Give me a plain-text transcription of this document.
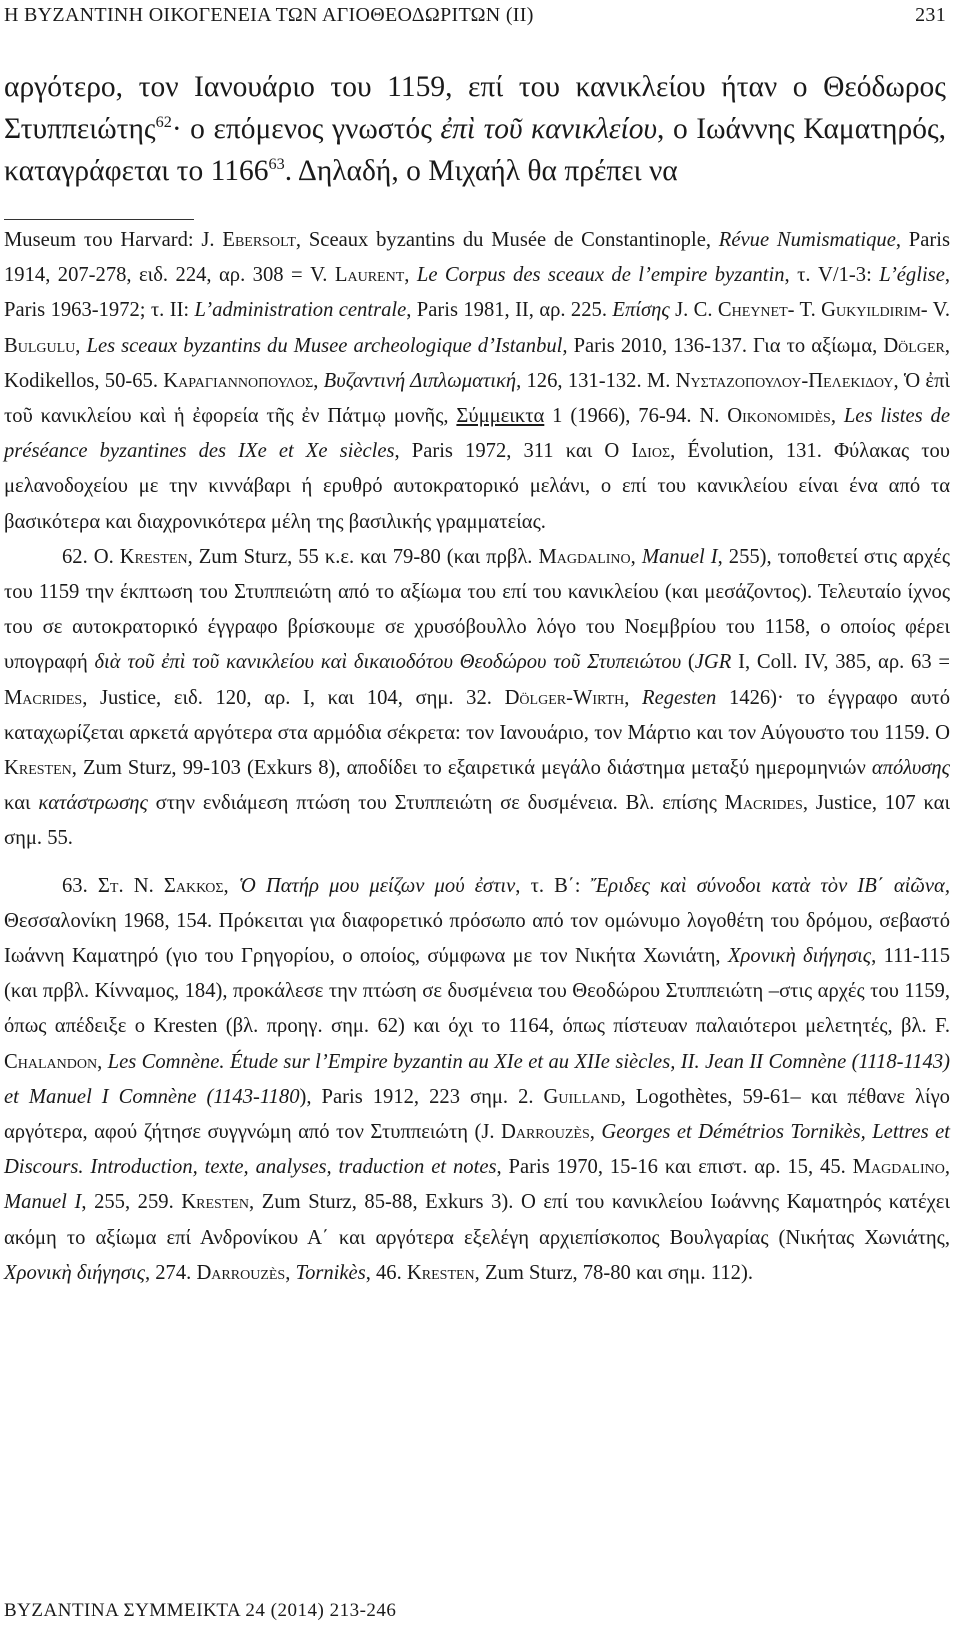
Η ΒΥΖΑΝΤΙΝΗ ΟΙΚΟΓΕΝΕΙΑ ΤΩΝ ΑΓΙΟΘΕΟΔΩΡΙΤΩΝ (ΙΙ)	231

αργότερο, τον Ιανουάριο του 1159, επί του κανικλείου ήταν ο Θεόδωρος Στυππειώτης$^{62}$· ο επόμενος γνωστός ἐπὶ τοῦ κανικλείου, ο Ιωάννης Καματηρός, καταγράφεται το 1166$^{63}$. Δηλαδή, ο Μιχαήλ θα πρέπει να

Museum του Harvard: J. Ebersolt, Sceaux byzantins du Musée de Constantinople, Révue Numismatique, Paris 1914, 207-278, ειδ. 224, αρ. 308 = V. Laurent, Le Corpus des sceaux de l’empire byzantin, τ. V/1-3: L’église, Paris 1963-1972; τ. II: L’administration centrale, Paris 1981, II, αρ. 225. Επίσης J. C. Cheynet- T. Gukyildirim- V. Bulgulu, Les sceaux byzantins du Musee archeologique d’Istanbul, Paris 2010, 136-137. Για το αξίωμα, Dölger, Kodikellos, 50-65. Καραγιαννοπουλος, Βυζαντινή Διπλωματική, 126, 131-132. Μ. Νυσταζοπουλου-Πελεκιδου, Ὁ ἐπὶ τοῦ κανικλείου καὶ ἡ ἐφορεία τῆς ἐν Πάτμῳ μονῆς, Σύμμεικτα 1 (1966), 76-94. N. Oikonomidès, Les listes de préséance byzantines des IXe et Xe siècles, Paris 1972, 311 και Ο Ιδιος, Évolution, 131. Φύλακας του μελανοδοχείου με την κιννάβαρι ή ερυθρό αυτοκρατορικό μελάνι, ο επί του κανικλείου είναι ένα από τα βασικότερα και διαχρονικότερα μέλη της βασιλικής γραμματείας.

62. O. Kresten, Zum Sturz, 55 κ.ε. και 79-80 (και πρβλ. Magdalino, Manuel I, 255), τοποθετεί στις αρχές του 1159 την έκπτωση του Στυππειώτη από το αξίωμα του επί του κανικλείου (και μεσάζοντος). Τελευταίο ίχνος του σε αυτοκρατορικό έγγραφο βρίσκουμε σε χρυσόβουλλο λόγο του Νοεμβρίου του 1158, ο οποίος φέρει υπογραφή διὰ τοῦ ἐπὶ τοῦ κανικλείου καὶ δικαιοδότου Θεοδώρου τοῦ Στυπειώτου (JGR I, Coll. IV, 385, αρ. 63 = Macrides, Justice, ειδ. 120, αρ. I, και 104, σημ. 32. Dölger-Wirth, Regesten 1426)· το έγγραφο αυτό καταχωρίζεται αρκετά αργότερα στα αρμόδια σέκρετα: τον Ιανουάριο, τον Μάρτιο και τον Αύγουστο του 1159. Ο Kresten, Zum Sturz, 99-103 (Exkurs 8), αποδίδει το εξαιρετικά μεγάλο διάστημα μεταξύ ημερομηνιών απόλυσης και κατάστρωσης στην ενδιάμεση πτώση του Στυππειώτη σε δυσμένεια. Βλ. επίσης Macrides, Justice, 107 και σημ. 55.

63. Στ. N. Σακκος, Ὁ Πατήρ μου μείζων μού ἐστιν, τ. Β΄: Ἔριδες καὶ σύνοδοι κατὰ τὸν ΙΒ΄ αἰῶνα, Θεσσαλονίκη 1968, 154. Πρόκειται για διαφορετικό πρόσωπο από τον ομώνυμο λογοθέτη του δρόμου, σεβαστό Ιωάννη Καματηρό (γιο του Γρηγορίου, ο οποίος, σύμφωνα με τον Νικήτα Χωνιάτη, Χρονικὴ διήγησις, 111-115 (και πρβλ. Κίνναμος, 184), προκάλεσε την πτώση σε δυσμένεια του Θεοδώρου Στυππειώτη –στις αρχές του 1159, όπως απέδειξε ο Kresten (βλ. προηγ. σημ. 62) και όχι το 1164, όπως πίστευαν παλαιότεροι μελετητές, βλ. F. Chalandon, Les Comnène. Étude sur l’Empire byzantin au XIe et au XIIe siècles, II. Jean II Comnène (1118-1143) et Manuel I Comnène (1143-1180), Paris 1912, 223 σημ. 2. Guilland, Logothètes, 59-61– και πέθανε λίγο αργότερα, αφού ζήτησε συγγνώμη από τον Στυππειώτη (J. Darrouzès, Georges et Démétrios Tornikès, Lettres et Discours. Introduction, texte, analyses, traduction et notes, Paris 1970, 15-16 και επιστ. αρ. 15, 45. Magdalino, Manuel I, 255, 259. Kresten, Zum Sturz, 85-88, Exkurs 3). Ο επί του κανικλείου Ιωάννης Καματηρός κατέχει ακόμη το αξίωμα επί Ανδρονίκου Α΄ και αργότερα εξελέγη αρχιεπίσκοπος Βουλγαρίας (Νικήτας Χωνιάτης, Χρονικὴ διήγησις, 274. Darrouzès, Tornikès, 46. Kresten, Zum Sturz, 78-80 και σημ. 112).

ΒΥΖΑΝΤΙΝΑ ΣΥΜΜΕΙΚΤΑ 24 (2014) 213-246
